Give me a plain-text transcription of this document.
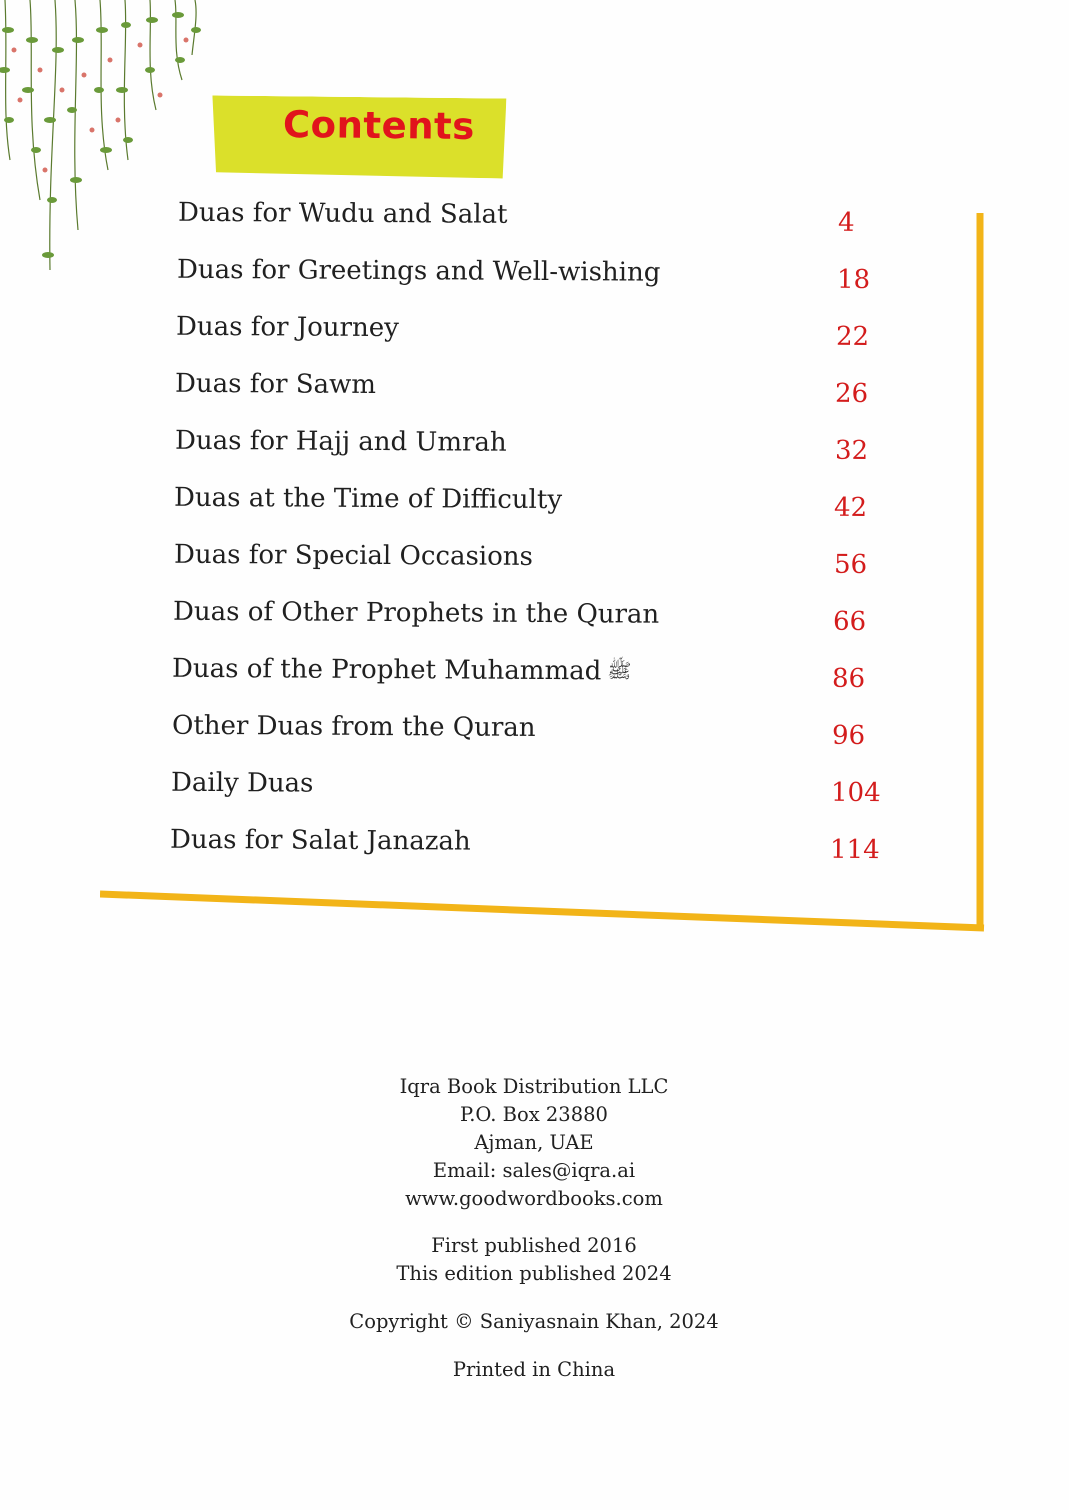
Contents
Duas for Wudu and Salat	4
Duas for Greetings and Well-wishing	18
Duas for Journey	22
Duas for Sawm	26
Duas for Hajj and Umrah	32
Duas at the Time of Difficulty	42
Duas for Special Occasions	56
Duas of Other Prophets in the Quran	66
Duas of the Prophet Muhammad ﷺ	86
Other Duas from the Quran	96
Daily Duas	104
Duas for Salat Janazah	114

Iqra Book Distribution LLC

P.O. Box 23880

Ajman, UAE

Email: sales@iqra.ai

www.goodwordbooks.com

First published 2016

This edition published 2024

Copyright © Saniyasnain Khan, 2024

Printed in China
